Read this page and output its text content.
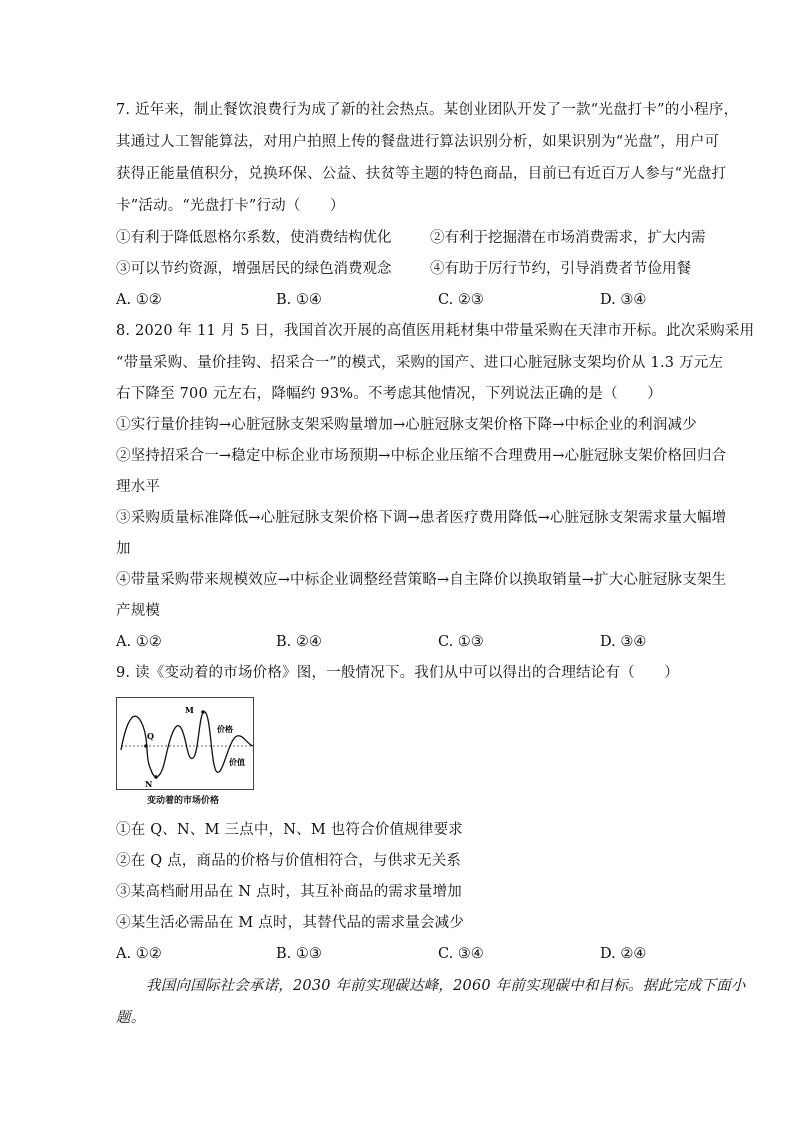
7. 近年来，制止餐饮浪费行为成了新的社会热点。某创业团队开发了一款“光盘打卡”的小程序，
其通过人工智能算法，对用户拍照上传的餐盘进行算法识别分析，如果识别为“光盘”，用户可
获得正能量值积分，兑换环保、公益、扶贫等主题的特色商品，目前已有近百万人参与“光盘打
卡”活动。“光盘打卡”行动（　　）
①有利于降低恩格尔系数，使消费结构优化	②有利于挖掘潜在市场消费需求，扩大内需
③可以节约资源，增强居民的绿色消费观念	④有助于厉行节约，引导消费者节俭用餐
A. ①②	B. ①④	C. ②③	D. ③④
8. 2020 年 11 月 5 日，我国首次开展的高值医用耗材集中带量采购在天津市开标。此次采购采用
“带量采购、量价挂钩、招采合一”的模式，采购的国产、进口心脏冠脉支架均价从 1.3 万元左
右下降至 700 元左右，降幅约 93%。不考虑其他情况，下列说法正确的是（　　）
①实行量价挂钩→心脏冠脉支架采购量增加→心脏冠脉支架价格下降→中标企业的利润减少
②坚持招采合一→稳定中标企业市场预期→中标企业压缩不合理费用→心脏冠脉支架价格回归合
理水平
③采购质量标准降低→心脏冠脉支架价格下调→患者医疗费用降低→心脏冠脉支架需求量大幅增
加
④带量采购带来规模效应→中标企业调整经营策略→自主降价以换取销量→扩大心脏冠脉支架生
产规模
A. ①②	B. ②④	C. ①③	D. ③④
9. 读《变动着的市场价格》图，一般情况下。我们从中可以得出的合理结论有（　　）
Q
N
M
价格
价值
变动着的市场价格
①在 Q、N、M 三点中，N、M 也符合价值规律要求
②在 Q 点，商品的价格与价值相符合，与供求无关系
③某高档耐用品在 N 点时，其互补商品的需求量增加
④某生活必需品在 M 点时，其替代品的需求量会减少
A. ①②	B. ①③	C. ③④	D. ②④
我国向国际社会承诺，2030 年前实现碳达峰，2060 年前实现碳中和目标。据此完成下面小
题。
